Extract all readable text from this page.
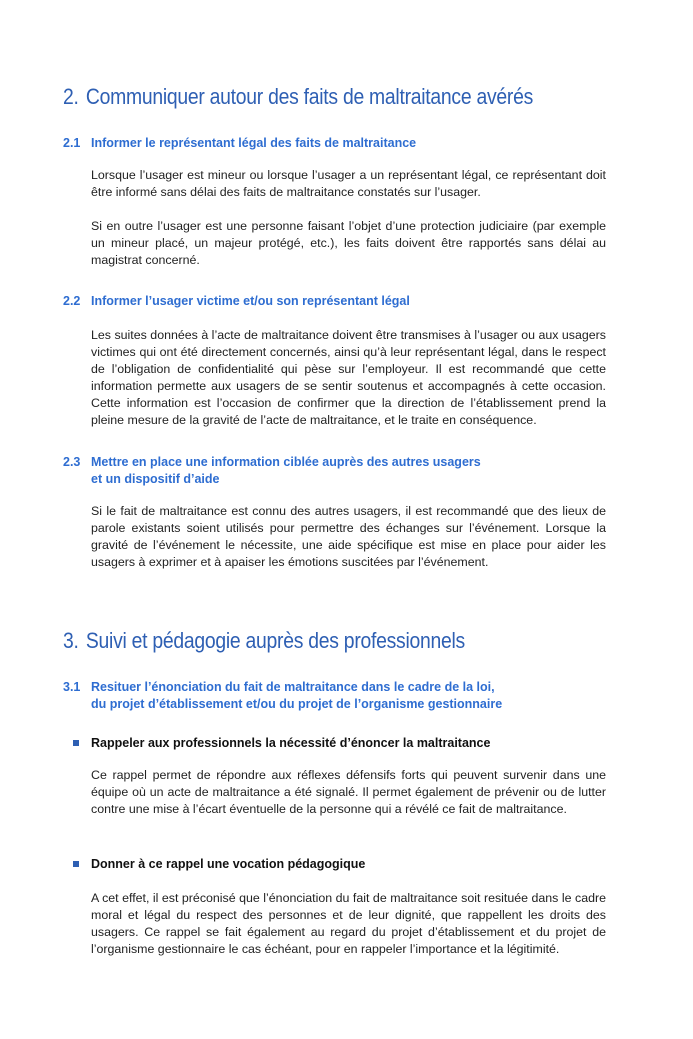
2. Communiquer autour des faits de maltraitance avérés
2.1 Informer le représentant légal des faits de maltraitance
Lorsque l’usager est mineur ou lorsque l’usager a un représentant légal, ce représentant doit être informé sans délai des faits de maltraitance constatés sur l’usager.
Si en outre l’usager est une personne faisant l’objet d’une protection judiciaire (par exemple un mineur placé, un majeur protégé, etc.), les faits doivent être rapportés sans délai au magistrat concerné.
2.2 Informer l’usager victime et/ou son représentant légal
Les suites données à l’acte de maltraitance doivent être transmises à l’usager ou aux usagers victimes qui ont été directement concernés, ainsi qu’à leur représentant légal, dans le respect de l’obligation de confidentialité qui pèse sur l’employeur. Il est recommandé que cette information permette aux usagers de se sentir soutenus et accompagnés à cette occasion. Cette information est l’occasion de confirmer que la direction de l’établissement prend la pleine mesure de la gravité de l’acte de maltraitance, et le traite en conséquence.
2.3 Mettre en place une information ciblée auprès des autres usagers
et un dispositif d’aide
Si le fait de maltraitance est connu des autres usagers, il est recommandé que des lieux de parole existants soient utilisés pour permettre des échanges sur l’événement. Lorsque la gravité de l’événement le nécessite, une aide spécifique est mise en place pour aider les usagers à exprimer et à apaiser les émotions suscitées par l’événement.
3. Suivi et pédagogie auprès des professionnels
3.1 Resituer l’énonciation du fait de maltraitance dans le cadre de la loi,
du projet d’établissement et/ou du projet de l’organisme gestionnaire
Rappeler aux professionnels la nécessité d’énoncer la maltraitance
Ce rappel permet de répondre aux réflexes défensifs forts qui peuvent survenir dans une équipe où un acte de maltraitance a été signalé. Il permet également de prévenir ou de lutter contre une mise à l’écart éventuelle de la personne qui a révélé ce fait de maltraitance.
Donner à ce rappel une vocation pédagogique
A cet effet, il est préconisé que l’énonciation du fait de maltraitance soit resituée dans le cadre moral et légal du respect des personnes et de leur dignité, que rappellent les droits des usagers. Ce rappel se fait également au regard du projet d’établissement et du projet de l’organisme gestionnaire le cas échéant, pour en rappeler l’importance et la légitimité.
